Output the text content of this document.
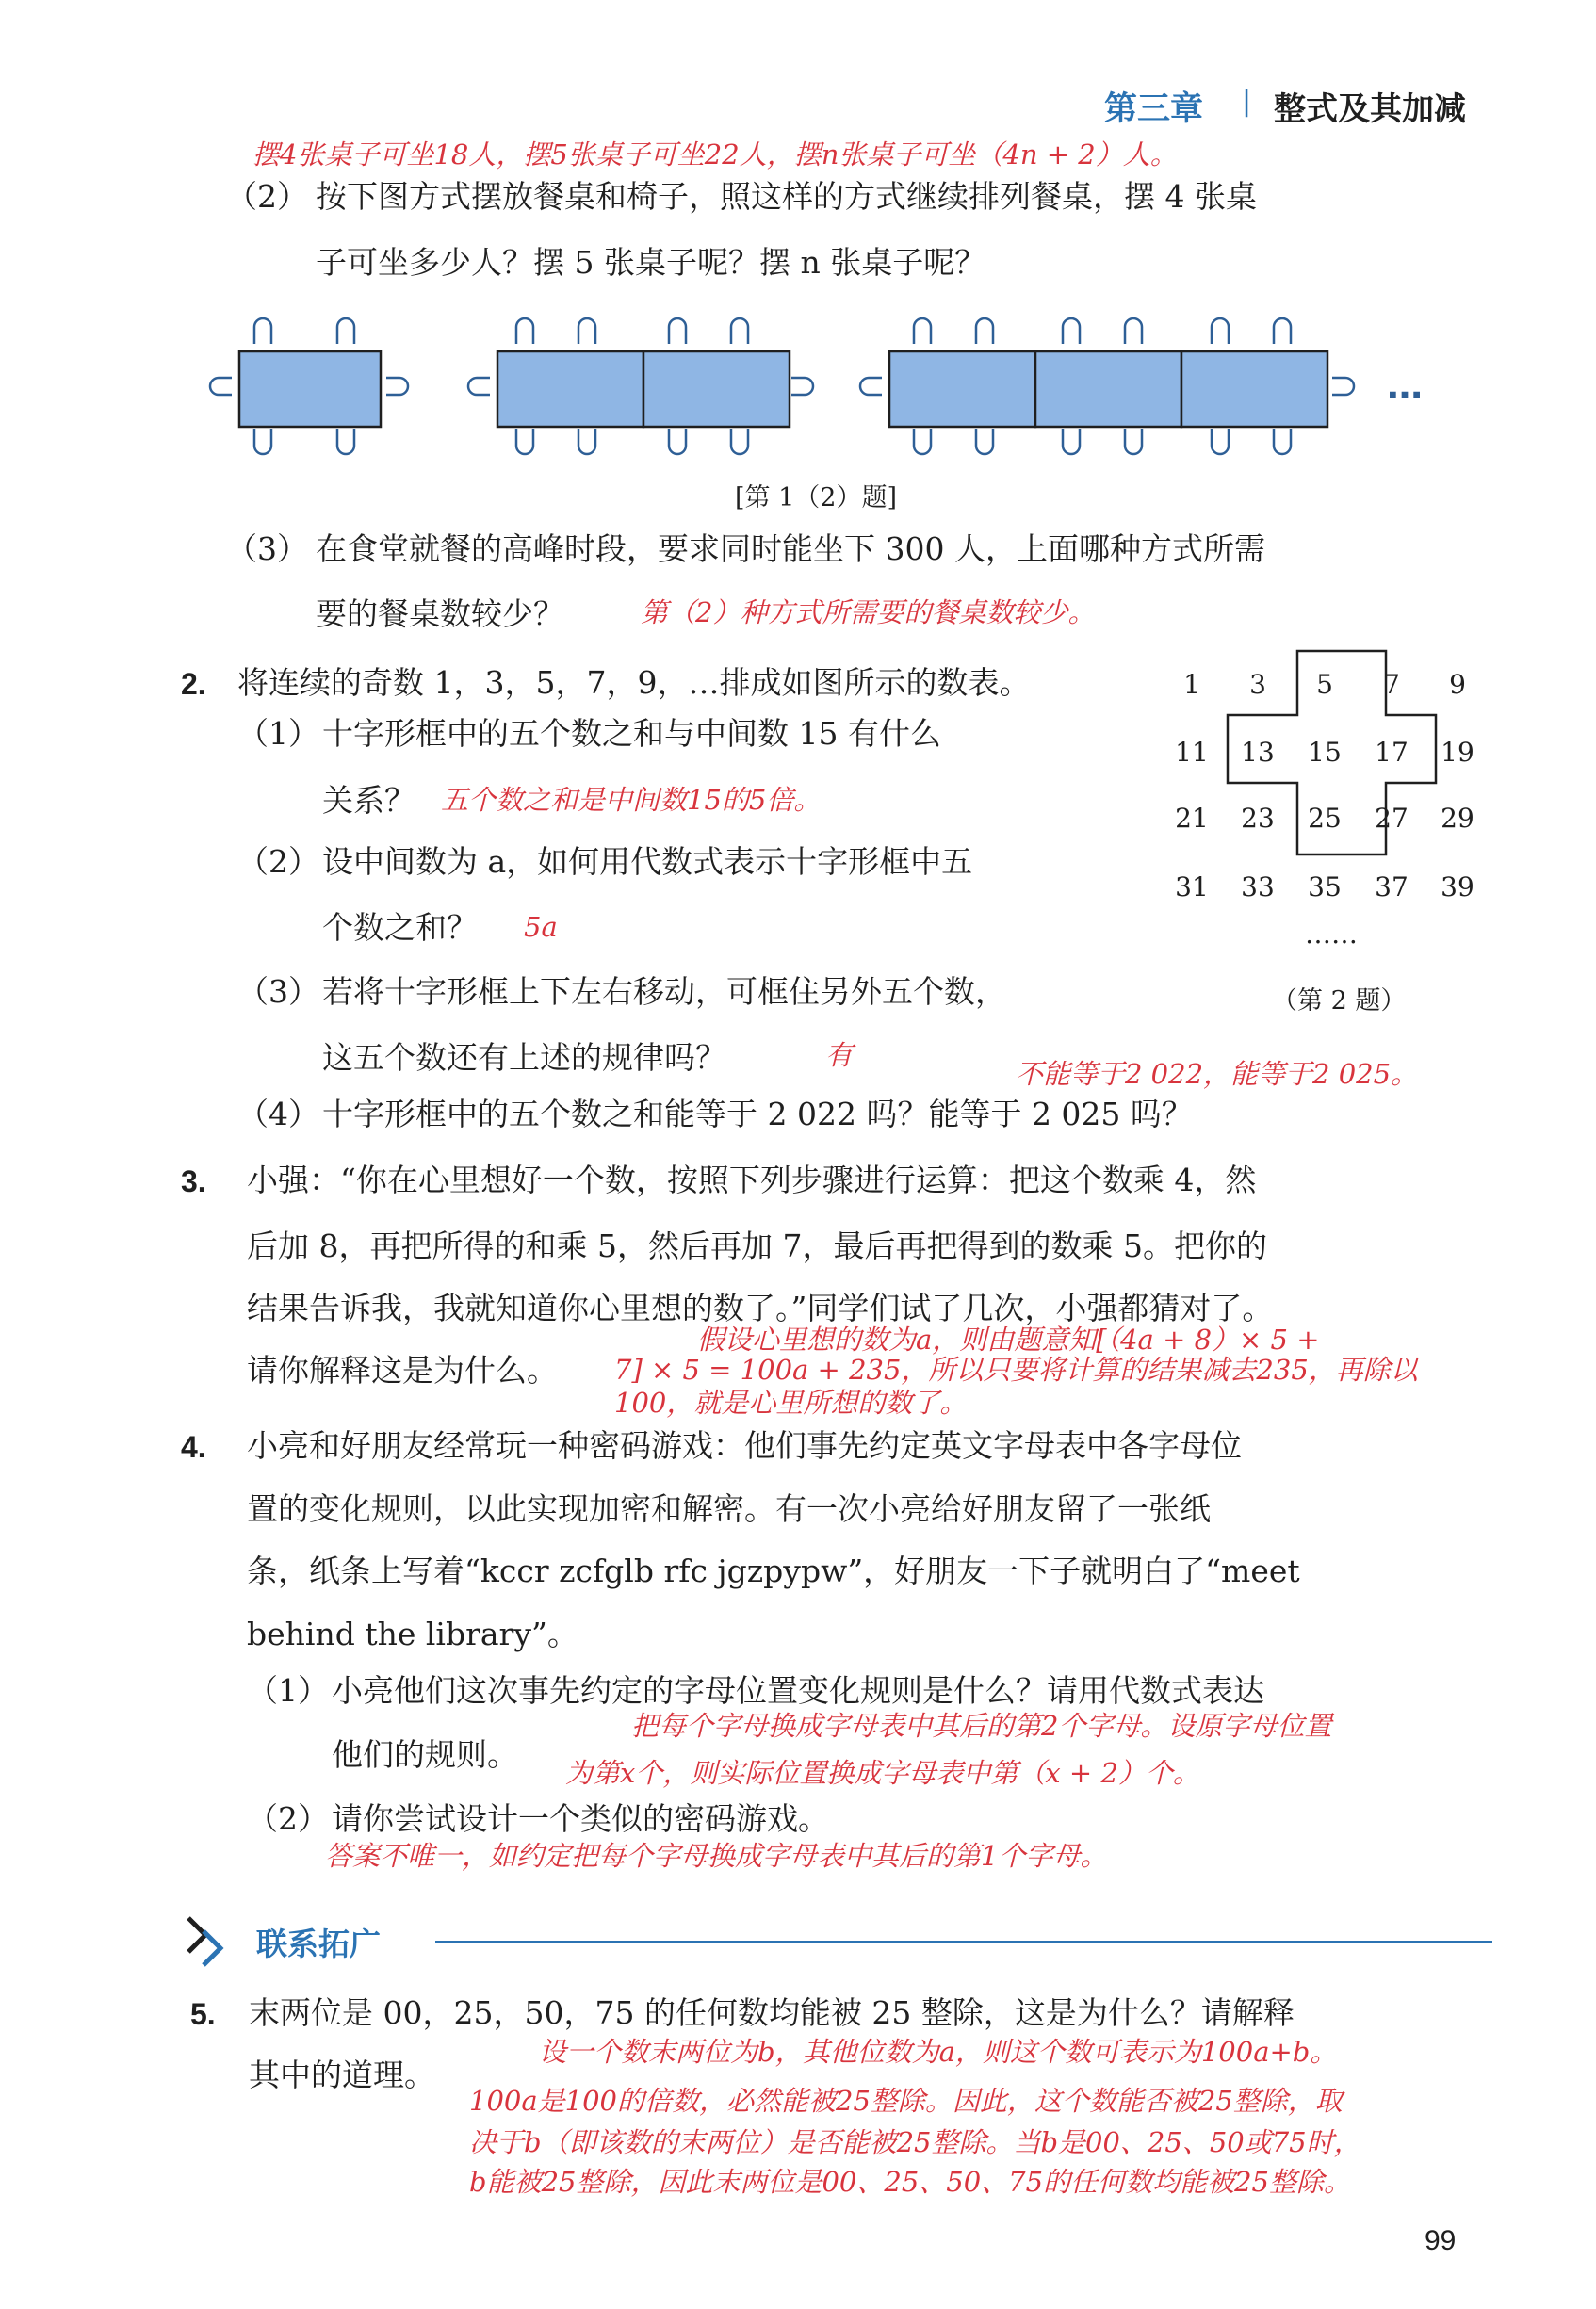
第三章 | 整式及其加减
摆4张桌子可坐18人，摆5张桌子可坐22人，摆n张桌子可坐（4n + 2）人。
（2） 按下图方式摆放餐桌和椅子，照这样的方式继续排列餐桌，摆 4 张桌
子可坐多少人？摆 5 张桌子呢？摆 n 张桌子呢？
…
[第 1（2）题]
（3） 在食堂就餐的高峰时段，要求同时能坐下 300 人，上面哪种方式所需
要的餐桌数较少？	第（2）种方式所需要的餐桌数较少。
2. 将连续的奇数 1，3，5，7，9，…排成如图所示的数表。
（1） 十字形框中的五个数之和与中间数 15 有什么
关系？ 五个数之和是中间数15的5倍。
（2） 设中间数为 a，如何用代数式表示十字形框中五
个数之和？ 5a
（3） 若将十字形框上下左右移动，可框住另外五个数，
这五个数还有上述的规律吗？	有
不能等于2 022，能等于2 025。
（4） 十字形框中的五个数之和能等于 2 022 吗？能等于 2 025 吗？
1	3	5	7	9
11 13 15 17 19
21 23 25 27 29
31 33 35 37 39
……
（第 2 题）
3. 小强：“你在心里想好一个数，按照下列步骤进行运算：把这个数乘 4，然
后加 8，再把所得的和乘 5，然后再加 7，最后再把得到的数乘 5。把你的
结果告诉我，我就知道你心里想的数了。”同学们试了几次，小强都猜对了。
假设心里想的数为a，则由题意知[（4a + 8）× 5 +
请你解释这是为什么。 7] × 5 = 100a + 235，所以只要将计算的结果减去235，再除以
100，就是心里所想的数了。
4. 小亮和好朋友经常玩一种密码游戏：他们事先约定英文字母表中各字母位
置的变化规则，以此实现加密和解密。有一次小亮给好朋友留了一张纸
条，纸条上写着“kccr zcfglb rfc jgzpypw”，好朋友一下子就明白了“meet
behind the library”。
（1） 小亮他们这次事先约定的字母位置变化规则是什么？请用代数式表达
把每个字母换成字母表中其后的第2个字母。设原字母位置
他们的规则。 为第x个，则实际位置换成字母表中第（x + 2）个。
（2） 请你尝试设计一个类似的密码游戏。
答案不唯一，如约定把每个字母换成字母表中其后的第1个字母。
联系拓广
5. 末两位是 00，25，50，75 的任何数均能被 25 整除，这是为什么？请解释
设一个数末两位为b，其他位数为a，则这个数可表示为100a+b。
其中的道理。
100a是100的倍数，必然能被25整除。因此，这个数能否被25整除，取
决于b（即该数的末两位）是否能被25整除。当b是00、25、50或75时，
b能被25整除，因此末两位是00、25、50、75的任何数均能被25整除。
99
